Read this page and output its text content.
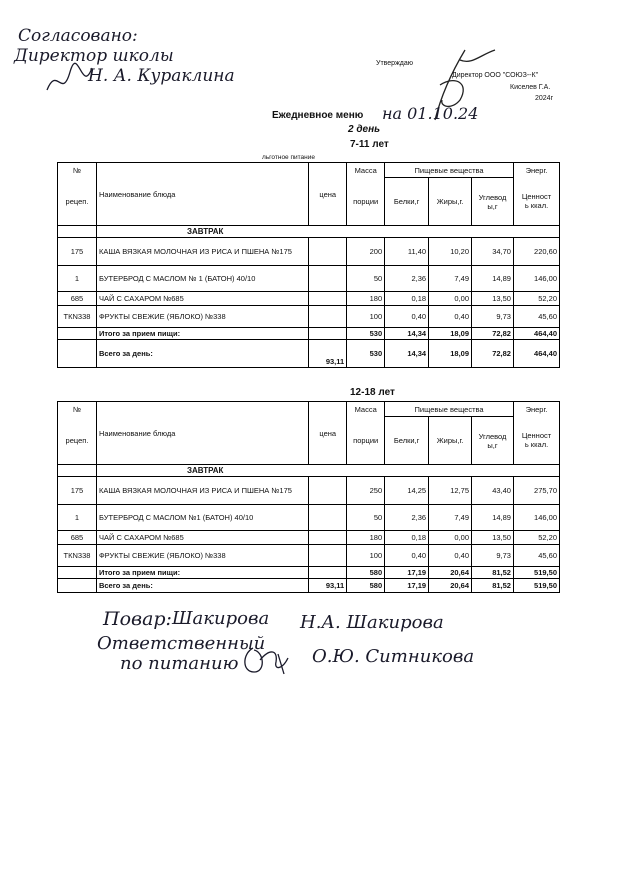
Согласовано:
Директор школы
Н. А. Кураклина
Утверждаю
Директор ООО "СОЮЗ--К"
Киселев Г.А.
2024г
Ежедневное меню на 01.10.24
2 день
7-11 лет
льготное питание
№	Наименование блюда	цена	Масса	Пищевые вещества			Энерг.
рецеп.			порции	Белки,г	Жиры,г.	Углевод
ы,г	Ценност
ь ккал.
	ЗАВТРАК						
175	КАША ВЯЗКАЯ МОЛОЧНАЯ ИЗ РИСА И ПШЕНА №175		200	11,40	10,20	34,70	220,60
1	БУТЕРБРОД С МАСЛОМ № 1 (БАТОН) 40/10		50	2,36	7,49	14,89	146,00
685	ЧАЙ С САХАРОМ №685		180	0,18	0,00	13,50	52,20
ТКN338	ФРУКТЫ СВЕЖИЕ (ЯБЛОКО) №338		100	0,40	0,40	9,73	45,60
	Итого за прием пищи:		530	14,34	18,09	72,82	464,40
	Всего за день:	93,11	530	14,34	18,09	72,82	464,40
12-18 лет
№	Наименование блюда	цена	Масса	Пищевые вещества			Энерг.
рецеп.			порции	Белки,г	Жиры,г.	Углевод
ы,г	Ценност
ь ккал.
	ЗАВТРАК						
175	КАША ВЯЗКАЯ МОЛОЧНАЯ ИЗ РИСА И ПШЕНА №175		250	14,25	12,75	43,40	275,70
1	БУТЕРБРОД С МАСЛОМ №1 (БАТОН) 40/10		50	2,36	7,49	14,89	146,00
685	ЧАЙ С САХАРОМ №685		180	0,18	0,00	13,50	52,20
ТКN338	ФРУКТЫ СВЕЖИЕ (ЯБЛОКО) №338		100	0,40	0,40	9,73	45,60
	Итого за прием пищи:		580	17,19	20,64	81,52	519,50
	Всего за день:	93,11	580	17,19	20,64	81,52	519,50
Повар: Шакирова Н.А. Шакирова
Ответственный
по питанию	О.Ю. Ситникова
